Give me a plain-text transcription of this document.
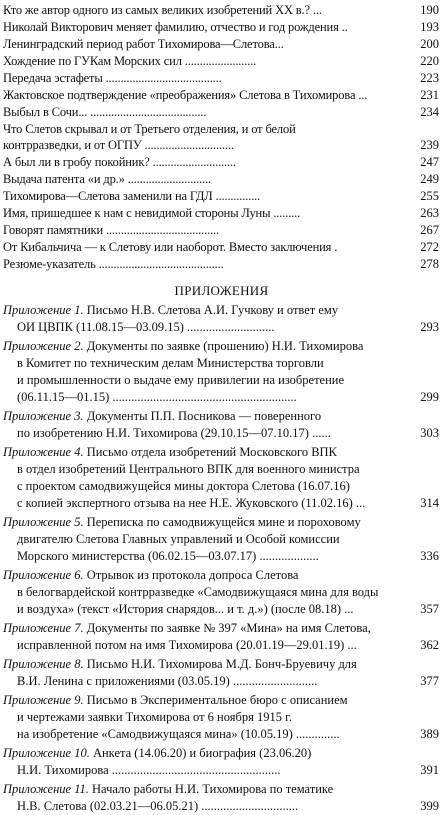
Кто же автор одного из самых великих изобретений XX в.? ...	190
Николай Викторович меняет фамилию, отчество и год рождения ..	193
Ленинградский период работ Тихомирова—Слетова...	200
Хождение по ГУКам Морских сил ........................	220
Передача эстафеты .......................................	223
Жактовское подтверждение «преображения» Слетова в Тихомирова ...	231
Выбыл в Сочи... .......................................	234
Что Слетов скрывал и от Третьего отделения, и от белой
контрразведки, и от ОГПУ ..............................	239
А был ли в гробу покойник? ............................	247
Выдача патента «и др.» ............................	249
Тихомирова—Слетова заменили на ГДЛ ...............	255
Имя, пришедшее к нам с невидимой стороны Луны .........	263
Говорят памятники ......................................	267
От Кибальчича — к Слетову или наоборот. Вместо заключения .	272
Резюме-указатель ..........................................	278
ПРИЛОЖЕНИЯ
Приложение 1. Письмо Н.В. Слетова А.И. Гучкову и ответ ему
ОИ ЦВПК (11.08.15—03.09.15) ............................	293
Приложение 2. Документы по заявке (прошению) Н.И. Тихомирова
в Комитет по техническим делам Министерства торговли
и промышленности о выдаче ему привилегии на изобретение
(06.11.15—01.15) ...........................................................	299
Приложение 3. Документы П.П. Посникова — поверенного
по изобретению Н.И. Тихомирова (29.10.15—07.10.17) ......	303
Приложение 4. Письмо отдела изобретений Московского ВПК
в отдел изобретений Центрального ВПК для военного министра
с проектом самодвижущейся мины доктора Слетова (16.07.16)
с копией экспертного отзыва на нее Н.Е. Жуковского (11.02.16) ...	314
Приложение 5. Переписка по самодвижущейся мине и пороховому
двигателю Слетова Главных управлений и Особой комиссии
Морского министерства (06.02.15—03.07.17) ...................	336
Приложение 6. Отрывок из протокола допроса Слетова
в белогвардейской контрразведке «Самодвижущаяся мина для воды
и воздуха» (текст «История снарядов... и т. д.») (после 08.18) ...	357
Приложение 7. Документы по заявке № 397 «Мина» на имя Слетова,
исправленной потом на имя Тихомирова (20.01.19—29.01.19) ...	362
Приложение 8. Письмо Н.И. Тихомирова М.Д. Бонч-Бруевичу для
В.И. Ленина с приложениями (03.05.19) ...........................	377
Приложение 9. Письмо в Экспериментальное бюро с описанием
и чертежами заявки Тихомирова от 6 ноября 1915 г.
на изобретение «Самодвижущаяся мина» (10.05.19) ..............	389
Приложение 10. Анкета (14.06.20) и биография (23.06.20)
Н.И. Тихомирова ......................................................	391
Приложение 11. Начало работы Н.И. Тихомирова по тематике
Н.В. Слетова (02.03.21—06.05.21) ...............................	399
